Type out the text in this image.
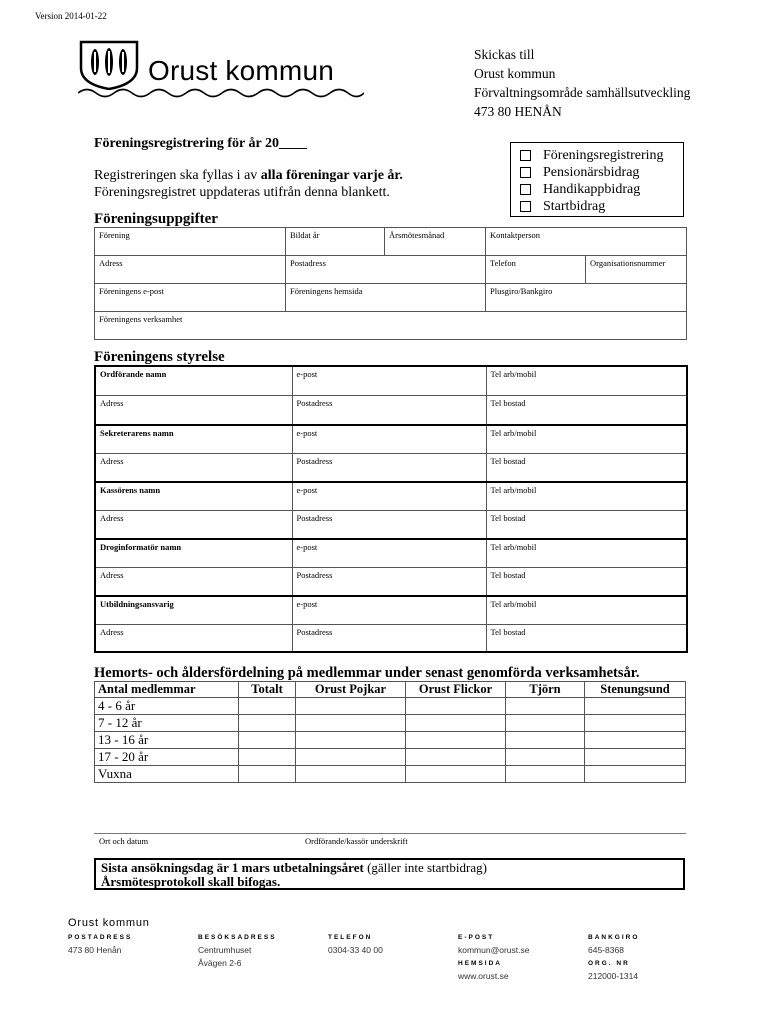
Version 2014-01-22
Orust kommun
Skickas till
Orust kommun
Förvaltningsområde samhällsutveckling
473 80 HENÅN
Föreningsregistrering för år 20____
Registreringen ska fyllas i av alla föreningar varje år.
Föreningsregistret uppdateras utifrån denna blankett.
Föreningsregistrering
Pensionärsbidrag
Handikappbidrag
Startbidrag
Föreningsuppgifter
Förening	Bildat år	Årsmötesmånad	Kontaktperson	
Adress	Postadress		Telefon	Organisationsnummer
Föreningens e-post	Föreningens hemsida		Plusgiro/Bankgiro	
Föreningens verksamhet				
Föreningens styrelse
Ordförande namn	e-post	Tel arb/mobil
Adress	Postadress	Tel bostad
Sekreterarens namn	e-post	Tel arb/mobil
Adress	Postadress	Tel bostad
Kassörens namn	e-post	Tel arb/mobil
Adress	Postadress	Tel bostad
Droginformatör namn	e-post	Tel arb/mobil
Adress	Postadress	Tel bostad
Utbildningsansvarig	e-post	Tel arb/mobil
Adress	Postadress	Tel bostad
Hemorts- och åldersfördelning på medlemmar under senast genomförda verksamhetsår.
Antal medlemmar	Totalt	Orust Pojkar	Orust Flickor	Tjörn	Stenungsund
4 - 6 år					
7 - 12 år					
13 - 16 år					
17 - 20 år					
Vuxna					
Ort och datum	Ordförande/kassör underskrift
Sista ansökningsdag är 1 mars utbetalningsåret (gäller inte startbidrag)
Årsmötesprotokoll skall bifogas.
Orust kommun
POSTADRESS
473 80 Henån
BESÖKSADRESS
Centrumhuset
Åvägen 2-6
TELEFON
0304-33 40 00
E-POST
kommun@orust.se
HEMSIDA
www.orust.se
BANKGIRO
645-8368
ORG. NR
212000-1314
